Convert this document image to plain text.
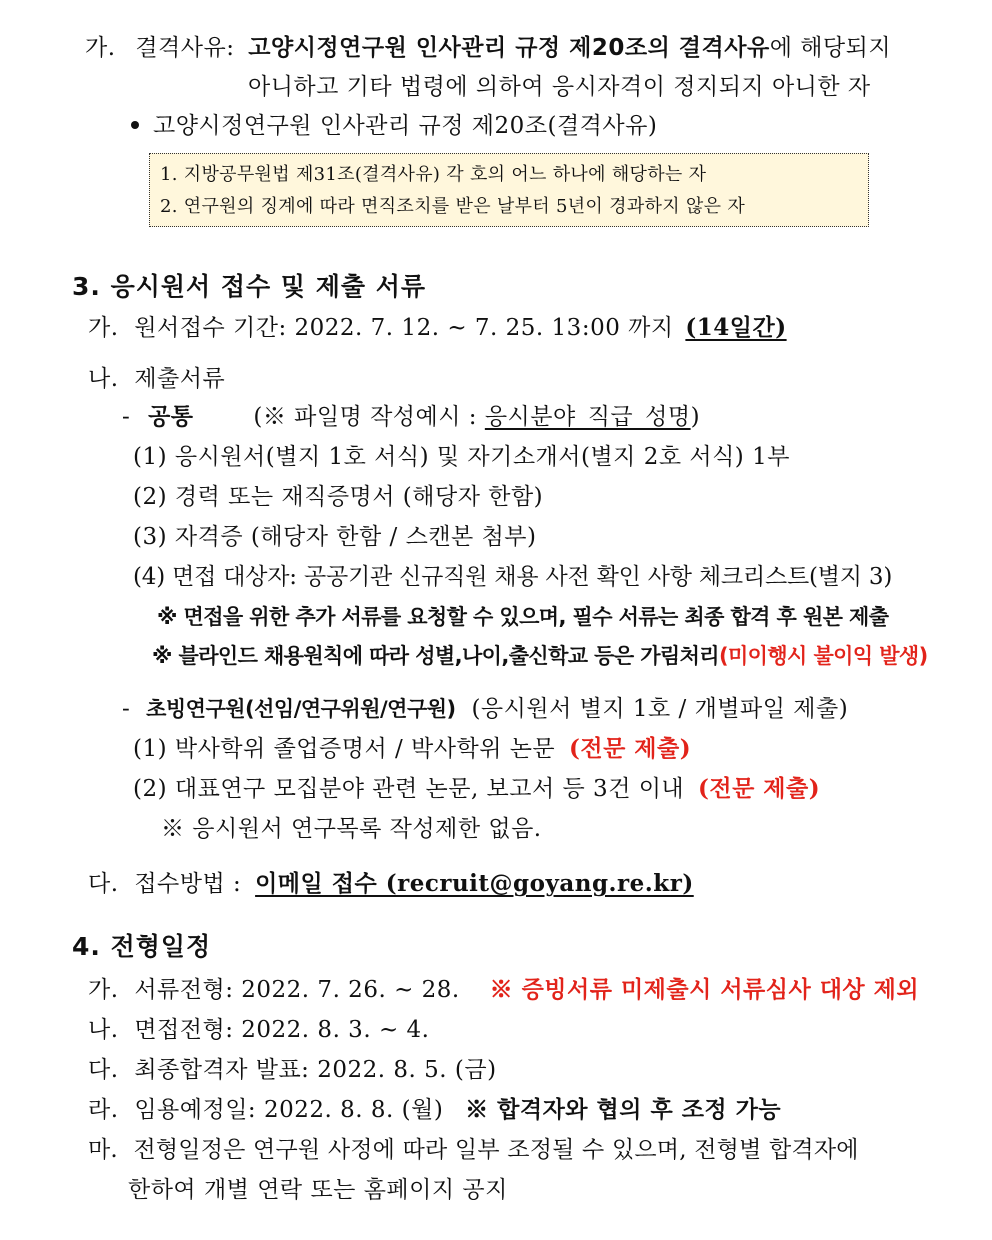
가. 결격사유: 고양시정연구원 인사관리 규정 제20조의 결격사유에 해당되지
아니하고 기타 법령에 의하여 응시자격이 정지되지 아니한 자
고양시정연구원 인사관리 규정 제20조(결격사유)
1. 지방공무원법 제31조(결격사유) 각 호의 어느 하나에 해당하는 자
2. 연구원의 징계에 따라 면직조치를 받은 날부터 5년이 경과하지 않은 자
3. 응시원서 접수 및 제출 서류
가. 원서접수 기간: 2022. 7. 12. ~ 7. 25. 13:00 까지 (14일간)
나. 제출서류
- 공통	(※ 파일명 작성예시 : 응시분야_직급_성명)
(1) 응시원서(별지 1호 서식) 및 자기소개서(별지 2호 서식) 1부
(2) 경력 또는 재직증명서 (해당자 한함)
(3) 자격증 (해당자 한함 / 스캔본 첨부)
(4) 면접 대상자: 공공기관 신규직원 채용 사전 확인 사항 체크리스트(별지 3)
※ 면접을 위한 추가 서류를 요청할 수 있으며, 필수 서류는 최종 합격 후 원본 제출
※ 블라인드 채용원칙에 따라 성별,나이,출신학교 등은 가림처리(미이행시 불이익 발생)
- 초빙연구원(선임/연구위원/연구원) (응시원서 별지 1호 / 개별파일 제출)
(1) 박사학위 졸업증명서 / 박사학위 논문 (전문 제출)
(2) 대표연구 모집분야 관련 논문, 보고서 등 3건 이내 (전문 제출)
※ 응시원서 연구목록 작성제한 없음.
다. 접수방법 : 이메일 접수 (recruit@goyang.re.kr)
4. 전형일정
가. 서류전형: 2022. 7. 26. ~ 28. ※ 증빙서류 미제출시 서류심사 대상 제외
나. 면접전형: 2022. 8. 3. ~ 4.
다. 최종합격자 발표: 2022. 8. 5. (금)
라. 임용예정일: 2022. 8. 8. (월) ※ 합격자와 협의 후 조정 가능
마. 전형일정은 연구원 사정에 따라 일부 조정될 수 있으며, 전형별 합격자에
한하여 개별 연락 또는 홈페이지 공지
